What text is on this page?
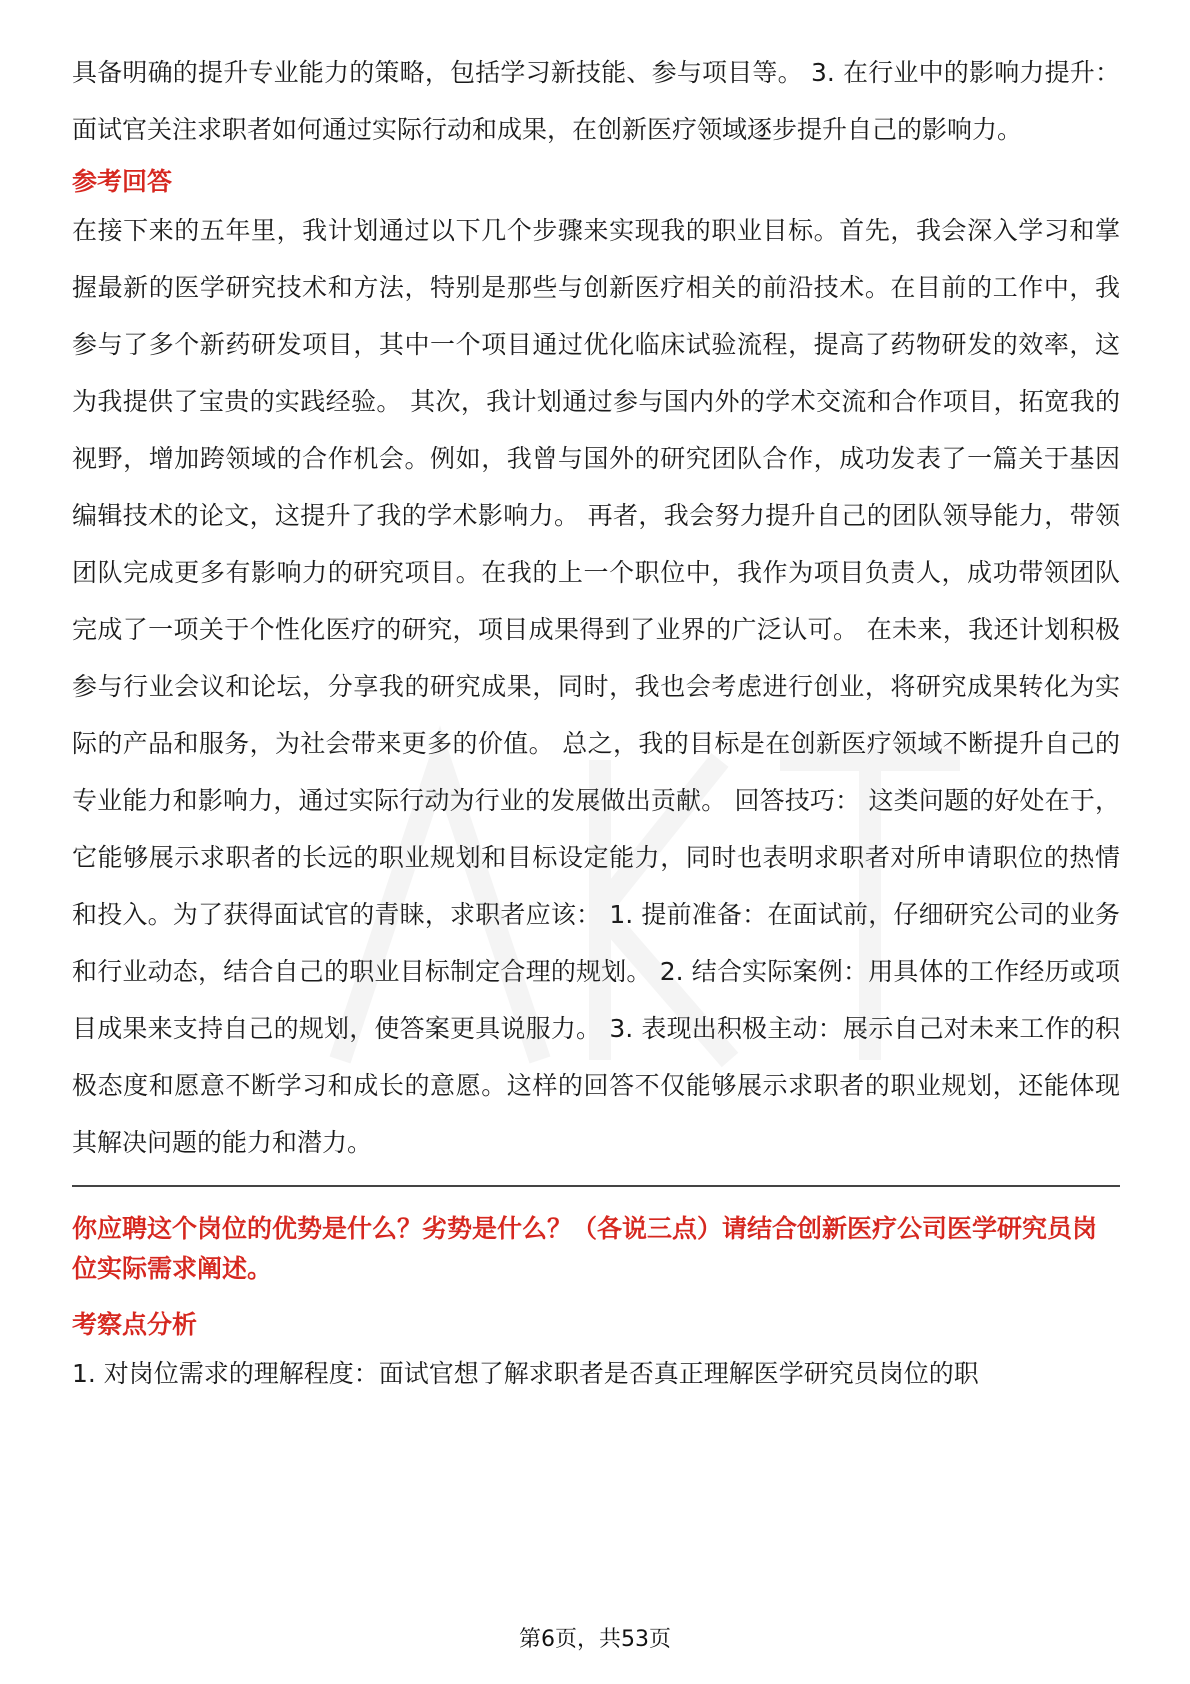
具备明确的提升专业能力的策略，包括学习新技能、参与项目等。 3. 在行业中的影响力提升：面试官关注求职者如何通过实际行动和成果，在创新医疗领域逐步提升自己的影响力。

参考回答

在接下来的五年里，我计划通过以下几个步骤来实现我的职业目标。首先，我会深入学习和掌握最新的医学研究技术和方法，特别是那些与创新医疗相关的前沿技术。在目前的工作中，我参与了多个新药研发项目，其中一个项目通过优化临床试验流程，提高了药物研发的效率，这为我提供了宝贵的实践经验。 其次，我计划通过参与国内外的学术交流和合作项目，拓宽我的视野，增加跨领域的合作机会。例如，我曾与国外的研究团队合作，成功发表了一篇关于基因编辑技术的论文，这提升了我的学术影响力。 再者，我会努力提升自己的团队领导能力，带领团队完成更多有影响力的研究项目。在我的上一个职位中，我作为项目负责人，成功带领团队完成了一项关于个性化医疗的研究，项目成果得到了业界的广泛认可。 在未来，我还计划积极参与行业会议和论坛，分享我的研究成果，同时，我也会考虑进行创业，将研究成果转化为实际的产品和服务，为社会带来更多的价值。 总之，我的目标是在创新医疗领域不断提升自己的专业能力和影响力，通过实际行动为行业的发展做出贡献。 回答技巧： 这类问题的好处在于，它能够展示求职者的长远的职业规划和目标设定能力，同时也表明求职者对所申请职位的热情和投入。为了获得面试官的青睐，求职者应该： 1. 提前准备：在面试前，仔细研究公司的业务和行业动态，结合自己的职业目标制定合理的规划。 2. 结合实际案例：用具体的工作经历或项目成果来支持自己的规划，使答案更具说服力。 3. 表现出积极主动：展示自己对未来工作的积极态度和愿意不断学习和成长的意愿。这样的回答不仅能够展示求职者的职业规划，还能体现其解决问题的能力和潜力。

你应聘这个岗位的优势是什么？劣势是什么？（各说三点）请结合创新医疗公司医学研究员岗位实际需求阐述。

考察点分析

1. 对岗位需求的理解程度：面试官想了解求职者是否真正理解医学研究员岗位的职

第6页，共53页
